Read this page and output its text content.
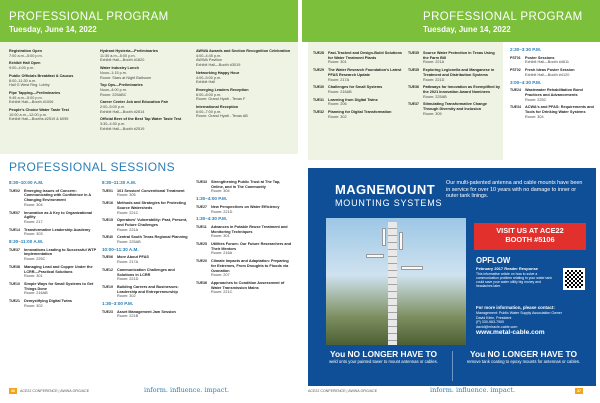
PROFESSIONAL PROGRAM
Tuesday, June 14, 2022
Registration Open
7:00 a.m.–5:00 p.m.
Exhibit Hall Open
9:00–4:00 p.m.
Public Officials Breakfast & Caucus
8:00–11:30 a.m.
Hall G West Reg. Lobby
Pipe Tapping—Preliminaries
9:45 a.m.–5:00 p.m.
Exhibit Hall—Booth #1006
People's Choice Water Taste Test
10:00 a.m.–12:00 p.m.
Exhibit Hall—Booths #2519 & 6095
Hydrant Hysteria—Preliminaries
11:30 a.m.–5:00 p.m.
Exhibit Hall—Booth #1820
Water Industry Lunch
Noon–1:15 p.m.
Room: Stars at Night Ballroom
Top Ops—Preliminaries
Noon–4:00 p.m.
Room: 225ABC
Career Center Job and Education Fair
2:00–5:00 p.m.
Exhibit Hall—Booth #2614
Official Beer of the Best Tap Water Taste Test
3:30–4:30 p.m.
Exhibit Hall—Booth #2519
AWWA Awards and Section Recognition Celebration
4:00–4:45 p.m.
AWWA Pavilion
Exhibit Hall—Booth #3019
Networking Happy Hour
4:00–5:00 p.m.
Exhibit Hall
Emerging Leaders Reception
6:00–8:00 p.m.
Room: Grand Hyatt - Texas F
International Reception
6:00–7:00 p.m.
Room: Grand Hyatt - Texas AB
PROFESSIONAL SESSIONS
8:30–10:00 A.M.
TUE02	Emerging Issues of Concern: Communicating with Confidence in A Changing Environment
Room: 304
TUE07	Innovation as A Key to Organizational Agility
Room: 217
TUE14	Transformative Leadership Academy
Room: 303
8:30–11:00 A.M.
TUE37	Innovations Leading to Successful WTP Implementation
Room: 225C
TUE38	Managing Lead and Copper Under the LCRR—Practical Solutions
Room: 301
TUE10	Simple Ways for Small Systems to Get Things Done
Room: 216AB
TUE21	Demystifying Digital Twins
Room: 302
8:30–11:30 A.M.
TUE01	101 Session! Conventional Treatment
Room: 305
TUE16	Methods and Strategies for Protecting Source Watersheds
Room: 221C
TUE15	Operators' Vulnerability: Past, Present, and Future Challenges
Room: 221A
TUE40	Central South Texas Regional Planning
Room: 225AB
10:00–11:30 A.M.
TUE06	More About PFAS
Room: 217A
TUE12	Communication Challenges and Solutions in LCRR
Room: 221D
TUE19	Building Careers and Businesses: Leadership and Entrepreneurship
Room: 302
1:30–3:00 P.M.
TUE23	Asset Management Jam Session
Room: 221B
TUE33	Strengthening Public Trust at The Tap, Online, and in The Community
Room: 304
1:30–4:00 P.M.
TUE27	New Perspectives on Water Efficiency
Room: 221D
1:30–4:30 P.M.
TUE11	Advances in Potable Reuse Treatment and Monitoring Techniques
Room: 301
TUE25	Utilities Forum: Our Future Researchers and Their Mentors
Room: 216A
TUE20	Climate Impacts and Adaptation: Preparing for Extremes, From Droughts to Floods via Ozonation
Room: 207
TUE36	Approaches to Condition Assessment of Water Transmission Mains
Room: 221C
36 ACE22 CONFERENCE | AWWA.ORG/ACE	inform. influence. impact.
PROFESSIONAL PROGRAM
Tuesday, June 14, 2022
TUE28	Fast-Tracked and Design-Build Solutions for Water Treatment Plants
Room: 301
TUE29	The Water Research Foundation's Latest PFAS Research Update
Room: 217A
TUE30	Challenges for Small Systems
Room: 216AB
TUE31	Learning from Digital Twins
Room: 206
TUE32	Planning for Digital Transformation
Room: 302
TUE35	Source Water Protection in Texas Using the Farm Bill
Room: 221A
TUE35	Exploring Legionella and Manganese in Treatment and Distribution Systems
Room: 221D
TUE36	Pathways for Innovation as Exemplified by the 2021 Innovation Award Nominees
Room: 225AB
TUE37	Stimulating Transformative Change Through Diversity and Inclusion
Room: 305
2:30–3:30 P.M.
PST01	Poster Sessions
Exhibit Hall—Booth #4611
PST02	Fresh Ideas Poster Session
Exhibit Hall—Booth #4120
3:00–4:30 P.M.
TUE24	Wastewater Rehabilitation Bond Practices and Advancements
Room: 225C
TUE34	ACWA's and PFAS: Requirements and Tools for Drinking Water Systems
Room: 304
ACE22 CONFERENCE | AWWA.ORG/ACE	inform. influence. impact.	37
MAGNEMOUNT
MOUNTING SYSTEMS
Our multi-patented antenna and cable mounts have been in service for over 10 years with no damage to inner or outer tank linings.
VISIT US AT ACE22
BOOTH #5106
OPFLOW
February 2017 Reader Response
This informative article on how to solve a communication problem relating to your water tank could save your water utility big money and headaches later.
For more information, please contact:
Management: Public Water Supply Association Owner
David Klein, President
(P) 330-963-7900
david@miracle-cable.com
www.metal-cable.com
You NO LONGER HAVE TO
weld onto your painted tower to mount antennas or cables.
You NO LONGER HAVE TO
remove tank coating to epoxy mounts for antennas or cables.
